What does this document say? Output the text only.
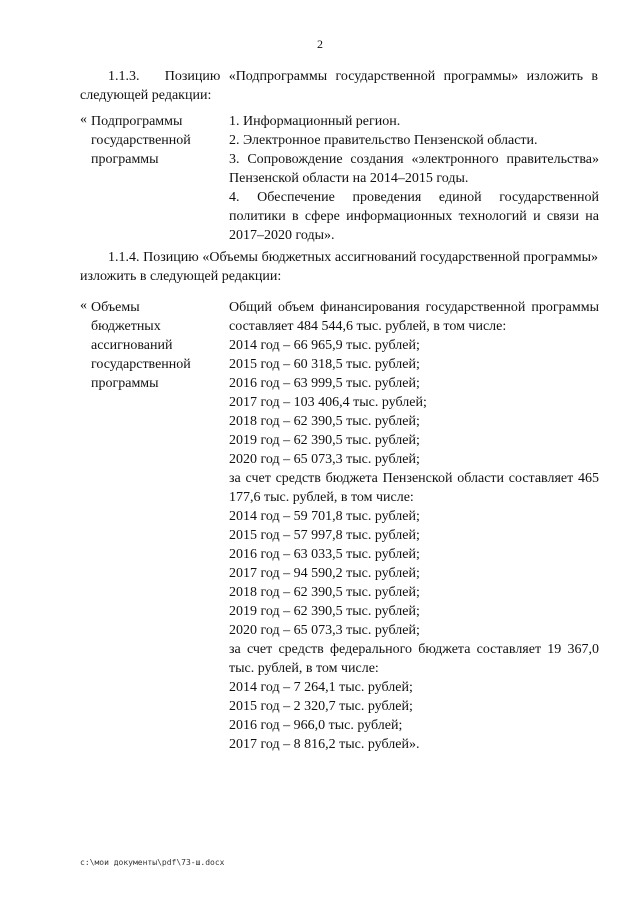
2
1.1.3. Позицию «Подпрограммы государственной программы» изложить в следующей редакции:
« Подпрограммы
государственной
программы
1. Информационный регион.
2. Электронное правительство Пензенской области.
3. Сопровождение создания «электронного правительства» Пензенской области на 2014–2015 годы.
4. Обеспечение проведения единой государственной политики в сфере информационных технологий и связи на 2017–2020 годы».
1.1.4. Позицию «Объемы бюджетных ассигнований государственной программы» изложить в следующей редакции:
« Объемы
бюджетных
ассигнований
государственной
программы
Общий объем финансирования государственной программы составляет 484 544,6 тыс. рублей, в том числе:
2014 год – 66 965,9 тыс. рублей;
2015 год – 60 318,5 тыс. рублей;
2016 год – 63 999,5 тыс. рублей;
2017 год – 103 406,4 тыс. рублей;
2018 год – 62 390,5 тыс. рублей;
2019 год – 62 390,5 тыс. рублей;
2020 год – 65 073,3 тыс. рублей;
за счет средств бюджета Пензенской области составляет 465 177,6 тыс. рублей, в том числе:
2014 год – 59 701,8 тыс. рублей;
2015 год – 57 997,8 тыс. рублей;
2016 год – 63 033,5 тыс. рублей;
2017 год – 94 590,2 тыс. рублей;
2018 год – 62 390,5 тыс. рублей;
2019 год – 62 390,5 тыс. рублей;
2020 год – 65 073,3 тыс. рублей;
за счет средств федерального бюджета составляет 19 367,0 тыс. рублей, в том числе:
2014 год – 7 264,1 тыс. рублей;
2015 год – 2 320,7 тыс. рублей;
2016 год – 966,0 тыс. рублей;
2017 год – 8 816,2 тыс. рублей».
c:\мои документы\pdf\73-ш.docx
